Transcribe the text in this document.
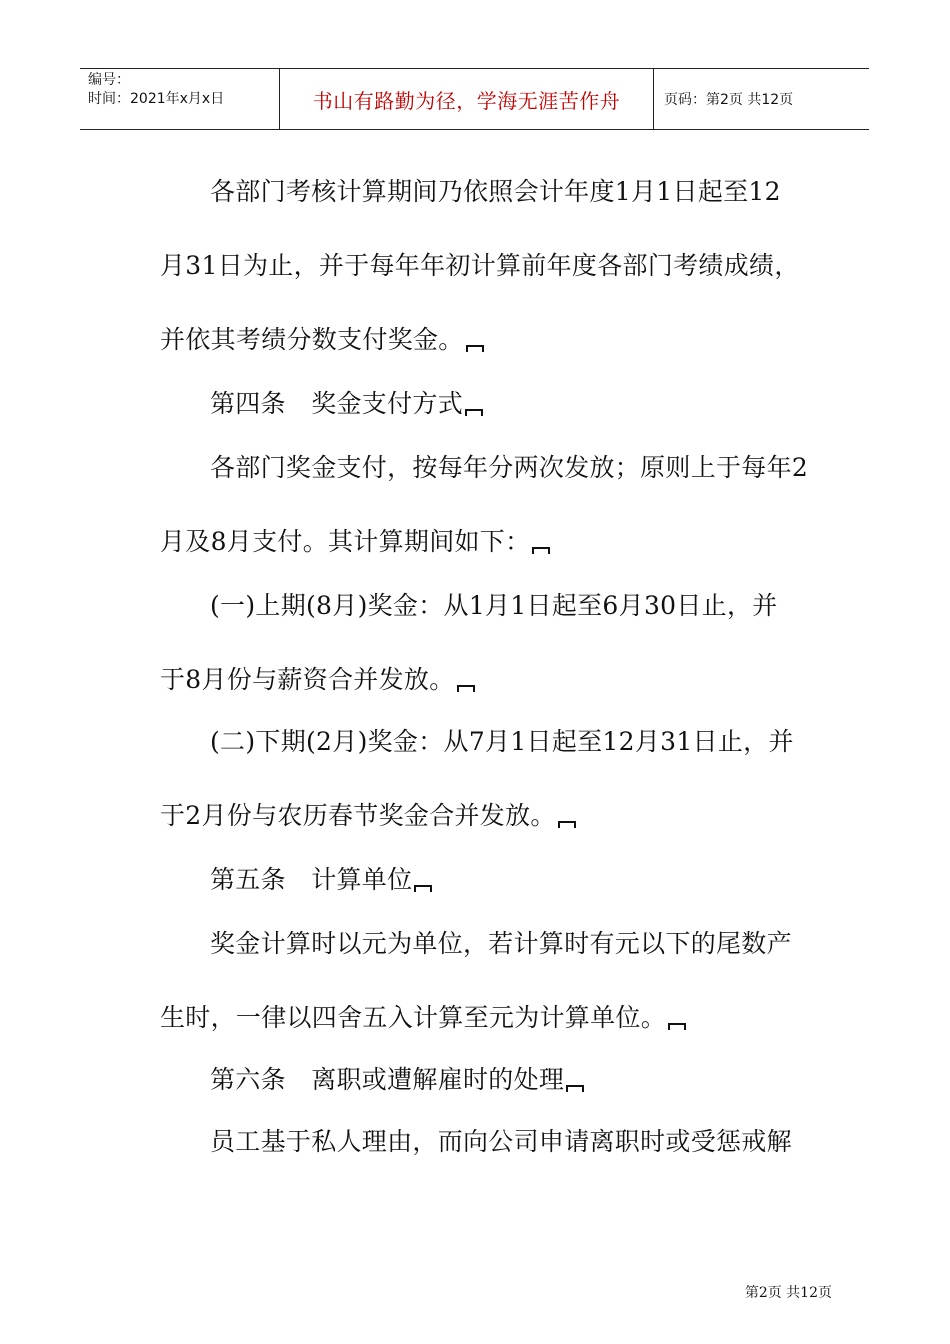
编号：
时间：2021年x月x日	书山有路勤为径，学海无涯苦作舟	页码：第2页 共12页
各部门考核计算期间乃依照会计年度1月1日起至12
月31日为止，并于每年年初计算前年度各部门考绩成绩，
并依其考绩分数支付奖金。
第四条　奖金支付方式
各部门奖金支付，按每年分两次发放；原则上于每年2
月及8月支付。其计算期间如下：
(一)上期(8月)奖金：从1月1日起至6月30日止，并
于8月份与薪资合并发放。
(二)下期(2月)奖金：从7月1日起至12月31日止，并
于2月份与农历春节奖金合并发放。
第五条　计算单位
奖金计算时以元为单位，若计算时有元以下的尾数产
生时，一律以四舍五入计算至元为计算单位。
第六条　离职或遭解雇时的处理
员工基于私人理由，而向公司申请离职时或受惩戒解
第2页 共12页
